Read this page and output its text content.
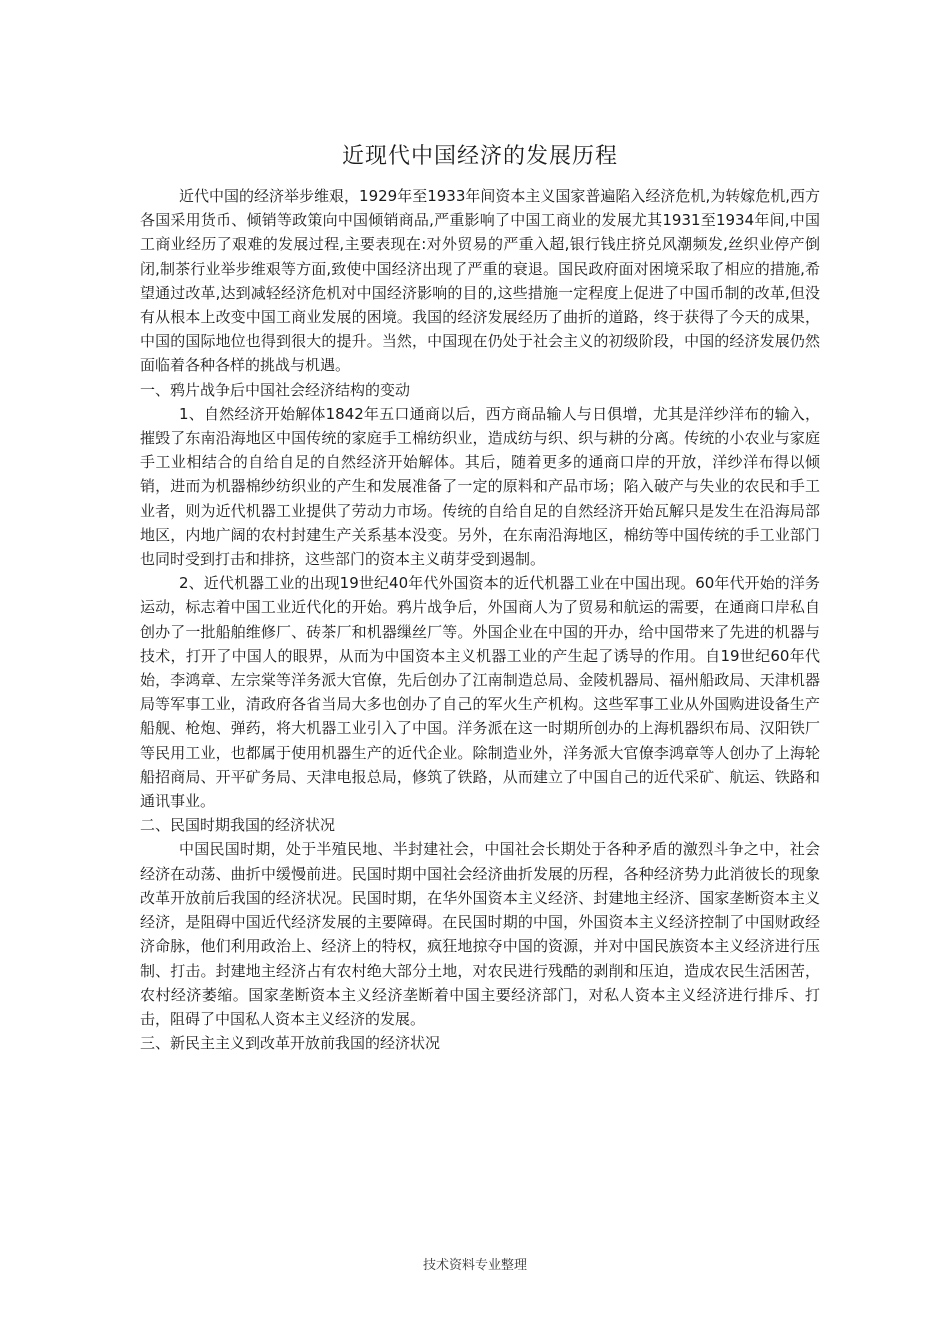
近现代中国经济的发展历程

近代中国的经济举步维艰，1929年至1933年间资本主义国家普遍陷入经济危机,为转嫁危机,西方各国采用货币、倾销等政策向中国倾销商品,严重影响了中国工商业的发展尤其1931至1934年间,中国工商业经历了艰难的发展过程,主要表现在:对外贸易的严重入超,银行钱庄挤兑风潮频发,丝织业停产倒闭,制茶行业举步维艰等方面,致使中国经济出现了严重的衰退。国民政府面对困境采取了相应的措施,希望通过改革,达到减轻经济危机对中国经济影响的目的,这些措施一定程度上促进了中国币制的改革,但没有从根本上改变中国工商业发展的困境。我国的经济发展经历了曲折的道路，终于获得了今天的成果，中国的国际地位也得到很大的提升。当然，中国现在仍处于社会主义的初级阶段，中国的经济发展仍然面临着各种各样的挑战与机遇。

一、鸦片战争后中国社会经济结构的变动

1、自然经济开始解体1842年五口通商以后，西方商品输人与日俱增，尤其是洋纱洋布的输入，摧毁了东南沿海地区中国传统的家庭手工棉纺织业，造成纺与织、织与耕的分离。传统的小农业与家庭手工业相结合的自给自足的自然经济开始解体。其后，随着更多的通商口岸的开放，洋纱洋布得以倾销，进而为机器棉纱纺织业的产生和发展准备了一定的原料和产品市场；陷入破产与失业的农民和手工业者，则为近代机器工业提供了劳动力市场。传统的自给自足的自然经济开始瓦解只是发生在沿海局部地区，内地广阔的农村封建生产关系基本没变。另外，在东南沿海地区，棉纺等中国传统的手工业部门也同时受到打击和排挤，这些部门的资本主义萌芽受到遏制。

2、近代机器工业的出现19世纪40年代外国资本的近代机器工业在中国出现。60年代开始的洋务运动，标志着中国工业近代化的开始。鸦片战争后，外国商人为了贸易和航运的需要，在通商口岸私自创办了一批船舶维修厂、砖茶厂和机器缫丝厂等。外国企业在中国的开办，给中国带来了先进的机器与技术，打开了中国人的眼界，从而为中国资本主义机器工业的产生起了诱导的作用。自19世纪60年代始，李鸿章、左宗棠等洋务派大官僚，先后创办了江南制造总局、金陵机器局、福州船政局、天津机器局等军事工业，清政府各省当局大多也创办了自己的军火生产机构。这些军事工业从外国购进设备生产船舰、枪炮、弹药，将大机器工业引入了中国。洋务派在这一时期所创办的上海机器织布局、汉阳铁厂等民用工业，也都属于使用机器生产的近代企业。除制造业外，洋务派大官僚李鸿章等人创办了上海轮船招商局、开平矿务局、天津电报总局，修筑了铁路，从而建立了中国自己的近代采矿、航运、铁路和通讯事业。

二、民国时期我国的经济状况

中国民国时期，处于半殖民地、半封建社会，中国社会长期处于各种矛盾的激烈斗争之中，社会经济在动荡、曲折中缓慢前进。民国时期中国社会经济曲折发展的历程，各种经济势力此消彼长的现象改革开放前后我国的经济状况。民国时期，在华外国资本主义经济、封建地主经济、国家垄断资本主义经济，是阻碍中国近代经济发展的主要障碍。在民国时期的中国，外国资本主义经济控制了中国财政经济命脉，他们利用政治上、经济上的特权，疯狂地掠夺中国的资源，并对中国民族资本主义经济进行压制、打击。封建地主经济占有农村绝大部分土地，对农民进行残酷的剥削和压迫，造成农民生活困苦，农村经济萎缩。国家垄断资本主义经济垄断着中国主要经济部门，对私人资本主义经济进行排斥、打击，阻碍了中国私人资本主义经济的发展。

三、新民主主义到改革开放前我国的经济状况

技术资料专业整理
